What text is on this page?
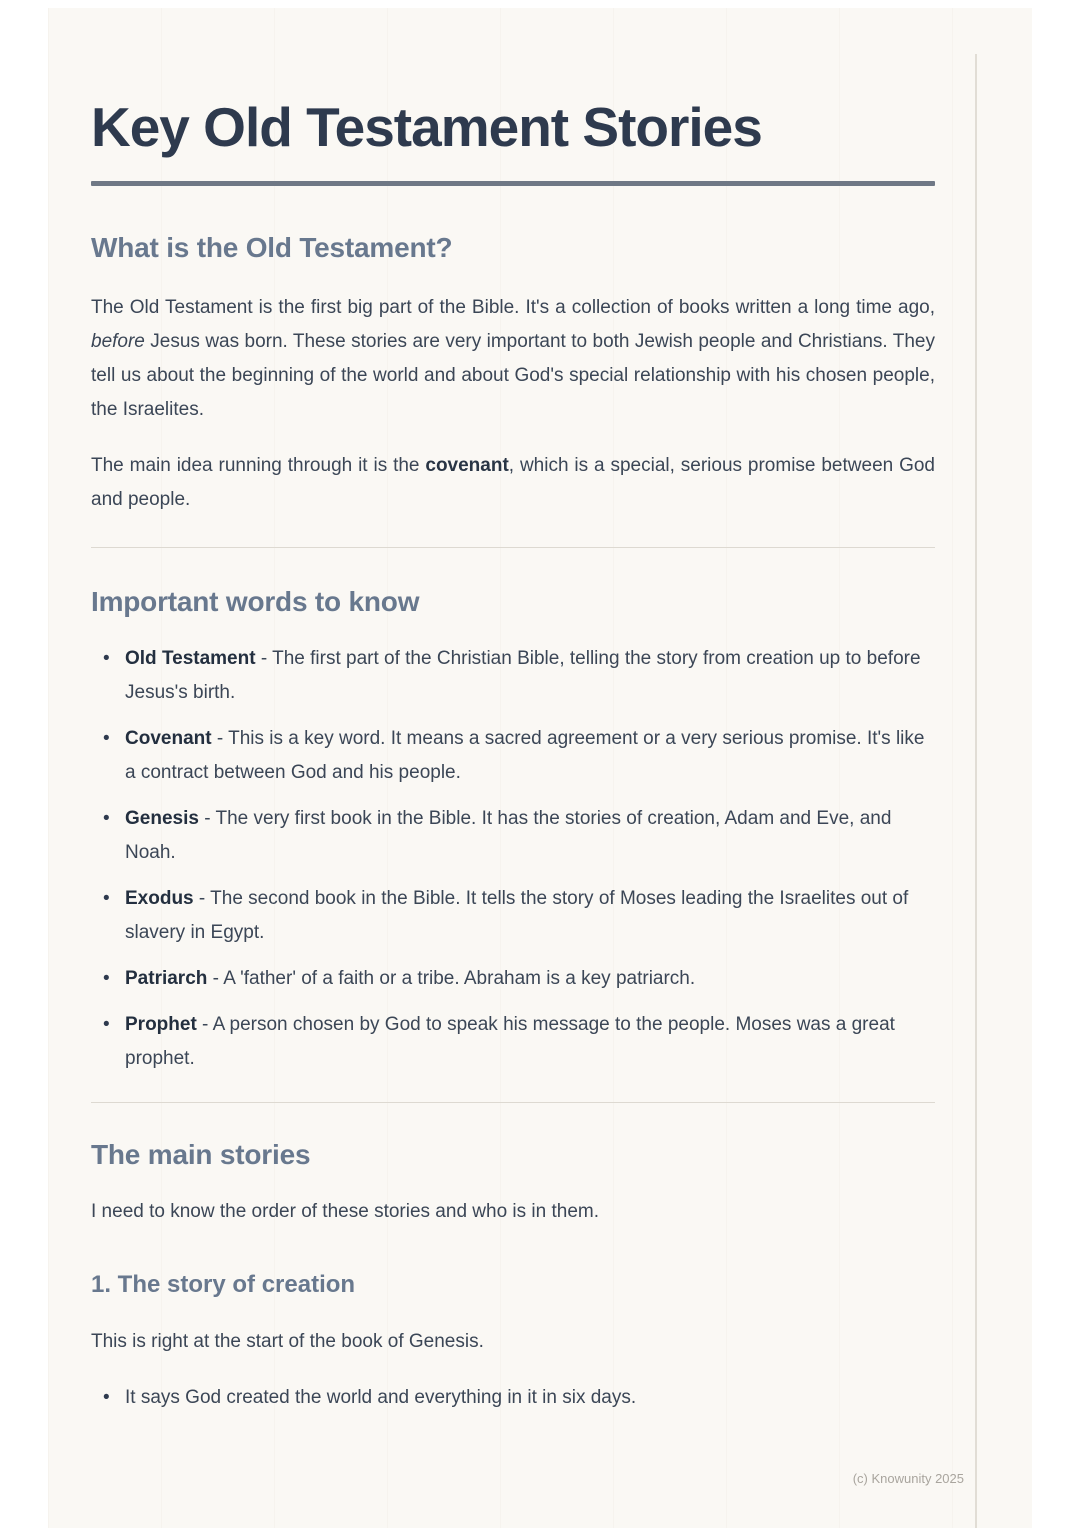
Key Old Testament Stories
What is the Old Testament?

The Old Testament is the first big part of the Bible. It's a collection of books written a long time ago, before Jesus was born. These stories are very important to both Jewish people and Christians. They tell us about the beginning of the world and about God's special relationship with his chosen people, the Israelites.

The main idea running through it is the covenant, which is a special, serious promise between God and people.

Important words to know
• Old Testament - The first part of the Christian Bible, telling the story from creation up to before Jesus's birth.
• Covenant - This is a key word. It means a sacred agreement or a very serious promise. It's like a contract between God and his people.
• Genesis - The very first book in the Bible. It has the stories of creation, Adam and Eve, and Noah.
• Exodus - The second book in the Bible. It tells the story of Moses leading the Israelites out of slavery in Egypt.
• Patriarch - A 'father' of a faith or a tribe. Abraham is a key patriarch.
• Prophet - A person chosen by God to speak his message to the people. Moses was a great prophet.
The main stories

I need to know the order of these stories and who is in them.

1. The story of creation

This is right at the start of the book of Genesis.

• It says God created the world and everything in it in six days.
(c) Knowunity 2025
